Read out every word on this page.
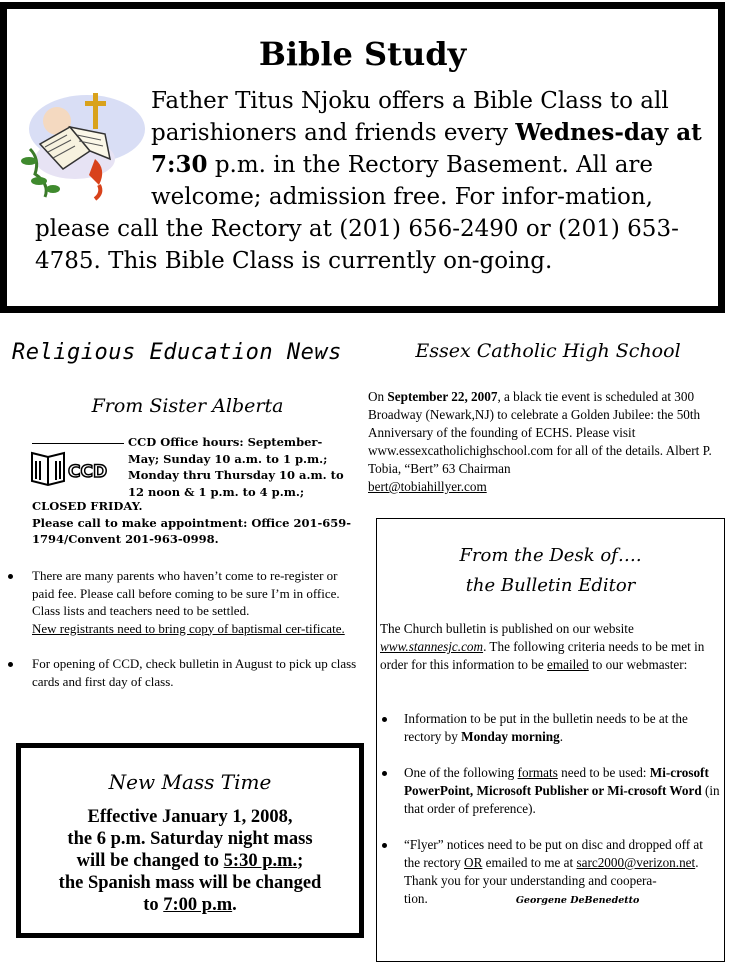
Bible Study
Father Titus Njoku offers a Bible Class to all parishioners and friends every Wednes-day at 7:30 p.m. in the Rectory Basement. All are welcome; admission free. For infor-mation, please call the Rectory at (201) 656-2490 or (201) 653-4785. This Bible Class is currently on-going.
Religious Education News
From Sister Alberta
CCD
CCD Office hours: September-May; Sunday 10 a.m. to 1 p.m.; Monday thru Thursday 10 a.m. to 12 noon & 1 p.m. to 4 p.m.;
CLOSED FRIDAY.
Please call to make appointment: Office 201-659-1794/Convent 201-963-0998.
There are many parents who haven’t come to re-register or paid fee. Please call before coming to be sure I’m in office. Class lists and teachers need to be settled.
New registrants need to bring copy of baptismal cer-tificate.
For opening of CCD, check bulletin in August to pick up class cards and first day of class.
New Mass Time
Effective January 1, 2008,
the 6 p.m. Saturday night mass
will be changed to 5:30 p.m.;
the Spanish mass will be changed
to 7:00 p.m.
Essex Catholic High School
On September 22, 2007, a black tie event is scheduled at 300 Broadway (Newark,NJ) to celebrate a Golden Jubilee: the 50th Anniversary of the founding of ECHS. Please visit www.essexcatholichighschool.com for all of the details. Albert P. Tobia, “Bert” 63 Chairman
bert@tobiahillyer.com
From the Desk of….
the Bulletin Editor
The Church bulletin is published on our website www.stannesjc.com. The following criteria needs to be met in order for this information to be emailed to our webmaster:
Information to be put in the bulletin needs to be at the rectory by Monday morning.
One of the following formats need to be used: Mi-crosoft PowerPoint, Microsoft Publisher or Mi-crosoft Word (in that order of preference).
“Flyer” notices need to be put on disc and dropped off at the rectory OR emailed to me at sarc2000@verizon.net.
Thank you for your understanding and coopera-tion.	Georgene DeBenedetto
